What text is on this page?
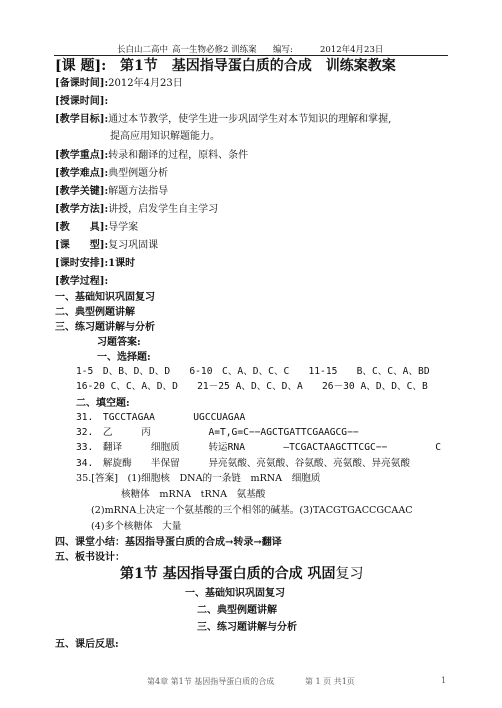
长白山二高中 高一生物必修2 训练案 编写:	2012年4月23日
[课 题]: 第1节　基因指导蛋白质的合成　训练案教案
[备课时间]:2012年4月23日
[授课时间]:
[教学目标]:通过本节教学，使学生进一步巩固学生对本节知识的理解和掌握,
提高应用知识解题能力。
[教学重点]:转录和翻译的过程，原料、条件
[教学难点]:典型例题分析
[教学关键]:解题方法指导
[教学方法]:讲授，启发学生自主学习
[教　　具]:导学案
[课　　型]:复习巩固课
[课时安排]:1课时
[教学过程]:
一、基础知识巩固复习
二、典型例题讲解
三、练习题讲解与分析
习题答案:
一、选择题:
1-5　D、B、D、D、D　　6-10　C、A、D、C、C　　11-15　　B、C、C、A、BD
16-20 C、C、A、D、D　　21－25 A、D、C、D、A　　26－30 A、D、D、C、B
二、填空题:
31.　TGCCTAGAA　　　　UGCCUAGAA
32.　乙　　　丙　　　　　　A=T,G=C−−AGCTGATTCGAAGCG−−
33.　翻译　　　细胞质　　　转运RNA　　　　—TCGACTAAGCTTCGC−−　　　　　C
34.　解旋酶　　半保留　　　异亮氨酸、亮氨酸、谷氨酸、亮氨酸、异亮氨酸
35.[答案]　(1)细胞核　DNA的一条链　mRNA　细胞质
核糖体　mRNA　tRNA　氨基酸
(2)mRNA上决定一个氨基酸的三个相邻的碱基。(3)TACGTGACCGCAAC
(4)多个核糖体　大量
四、课堂小结：基因指导蛋白质的合成→转录→翻译
五、板书设计：
第1节 基因指导蛋白质的合成 巩固复习
一、基础知识巩固复习
二、典型例题讲解
三、练习题讲解与分析
五、课后反思:
第4章 第1节 基因指导蛋白质的合成	第 1 页 共1页	1
